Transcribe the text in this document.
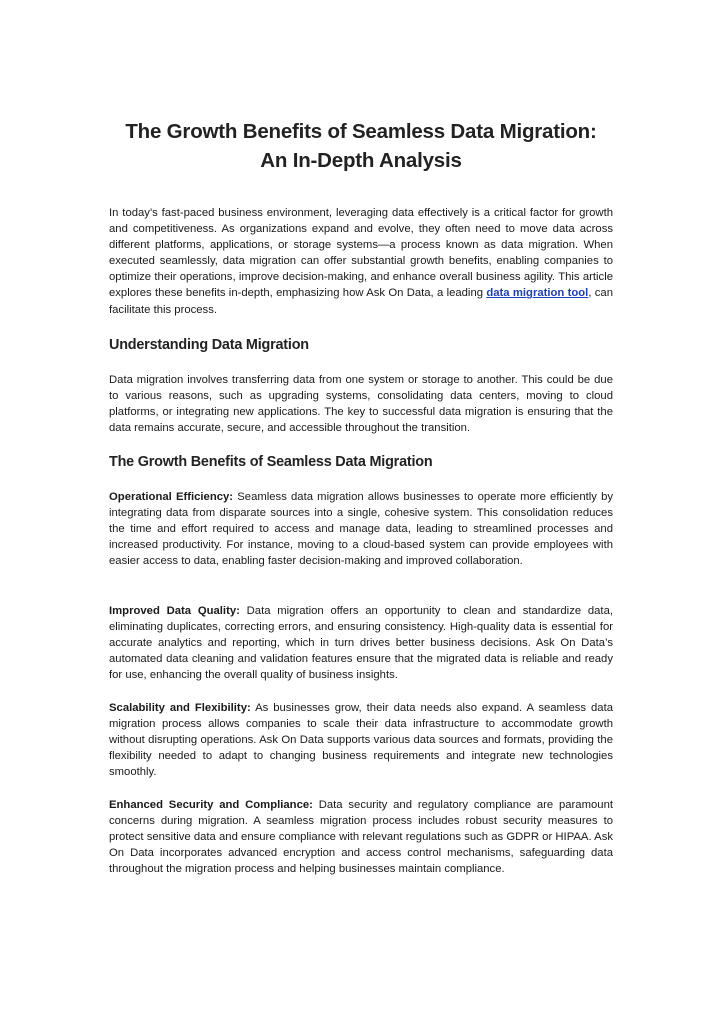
The Growth Benefits of Seamless Data Migration:
An In-Depth Analysis

In today's fast-paced business environment, leveraging data effectively is a critical factor for growth and competitiveness. As organizations expand and evolve, they often need to move data across different platforms, applications, or storage systems—a process known as data migration. When executed seamlessly, data migration can offer substantial growth benefits, enabling companies to optimize their operations, improve decision-making, and enhance overall business agility. This article explores these benefits in-depth, emphasizing how Ask On Data, a leading data migration tool, can facilitate this process.

Understanding Data Migration

Data migration involves transferring data from one system or storage to another. This could be due to various reasons, such as upgrading systems, consolidating data centers, moving to cloud platforms, or integrating new applications. The key to successful data migration is ensuring that the data remains accurate, secure, and accessible throughout the transition.

The Growth Benefits of Seamless Data Migration

Operational Efficiency: Seamless data migration allows businesses to operate more efficiently by integrating data from disparate sources into a single, cohesive system. This consolidation reduces the time and effort required to access and manage data, leading to streamlined processes and increased productivity. For instance, moving to a cloud-based system can provide employees with easier access to data, enabling faster decision-making and improved collaboration.

Improved Data Quality: Data migration offers an opportunity to clean and standardize data, eliminating duplicates, correcting errors, and ensuring consistency. High-quality data is essential for accurate analytics and reporting, which in turn drives better business decisions. Ask On Data’s automated data cleaning and validation features ensure that the migrated data is reliable and ready for use, enhancing the overall quality of business insights.

Scalability and Flexibility: As businesses grow, their data needs also expand. A seamless data migration process allows companies to scale their data infrastructure to accommodate growth without disrupting operations. Ask On Data supports various data sources and formats, providing the flexibility needed to adapt to changing business requirements and integrate new technologies smoothly.

Enhanced Security and Compliance: Data security and regulatory compliance are paramount concerns during migration. A seamless migration process includes robust security measures to protect sensitive data and ensure compliance with relevant regulations such as GDPR or HIPAA. Ask On Data incorporates advanced encryption and access control mechanisms, safeguarding data throughout the migration process and helping businesses maintain compliance.
